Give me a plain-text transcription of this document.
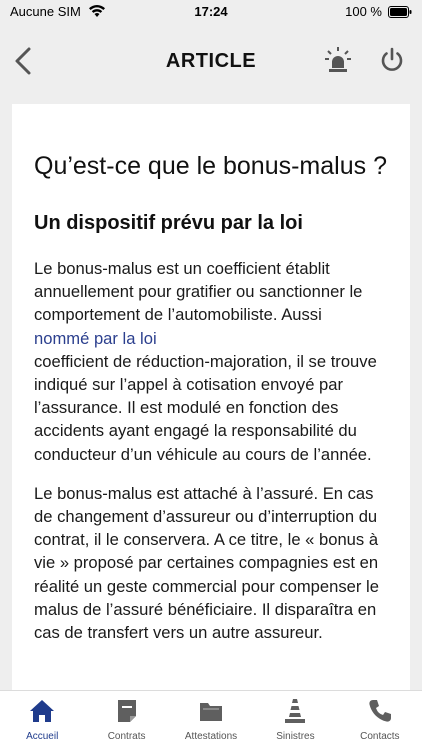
Aucune SIM	17:24	100 %
ARTICLE
Qu’est-ce que le bonus-malus ?
Un dispositif prévu par la loi
Le bonus-malus est un coefficient établit annuellement pour gratifier ou sanctionner le comportement de l’automobiliste. Aussi
nommé par la loi
coefficient de réduction-majoration, il se trouve indiqué sur l’appel à cotisation envoyé par l’assurance. Il est modulé en fonction des accidents ayant engagé la responsabilité du conducteur d’un véhicule au cours de l’année.

Le bonus-malus est attaché à l’assuré. En cas de changement d’assureur ou d’interruption du contrat, il le conservera. A ce titre, le « bonus à vie » proposé par certaines compagnies est en réalité un geste commercial pour compenser le malus de l’assuré bénéficiaire. Il disparaîtra en cas de transfert vers un autre assureur.

Accueil	Contrats	Attestations	Sinistres	Contacts
